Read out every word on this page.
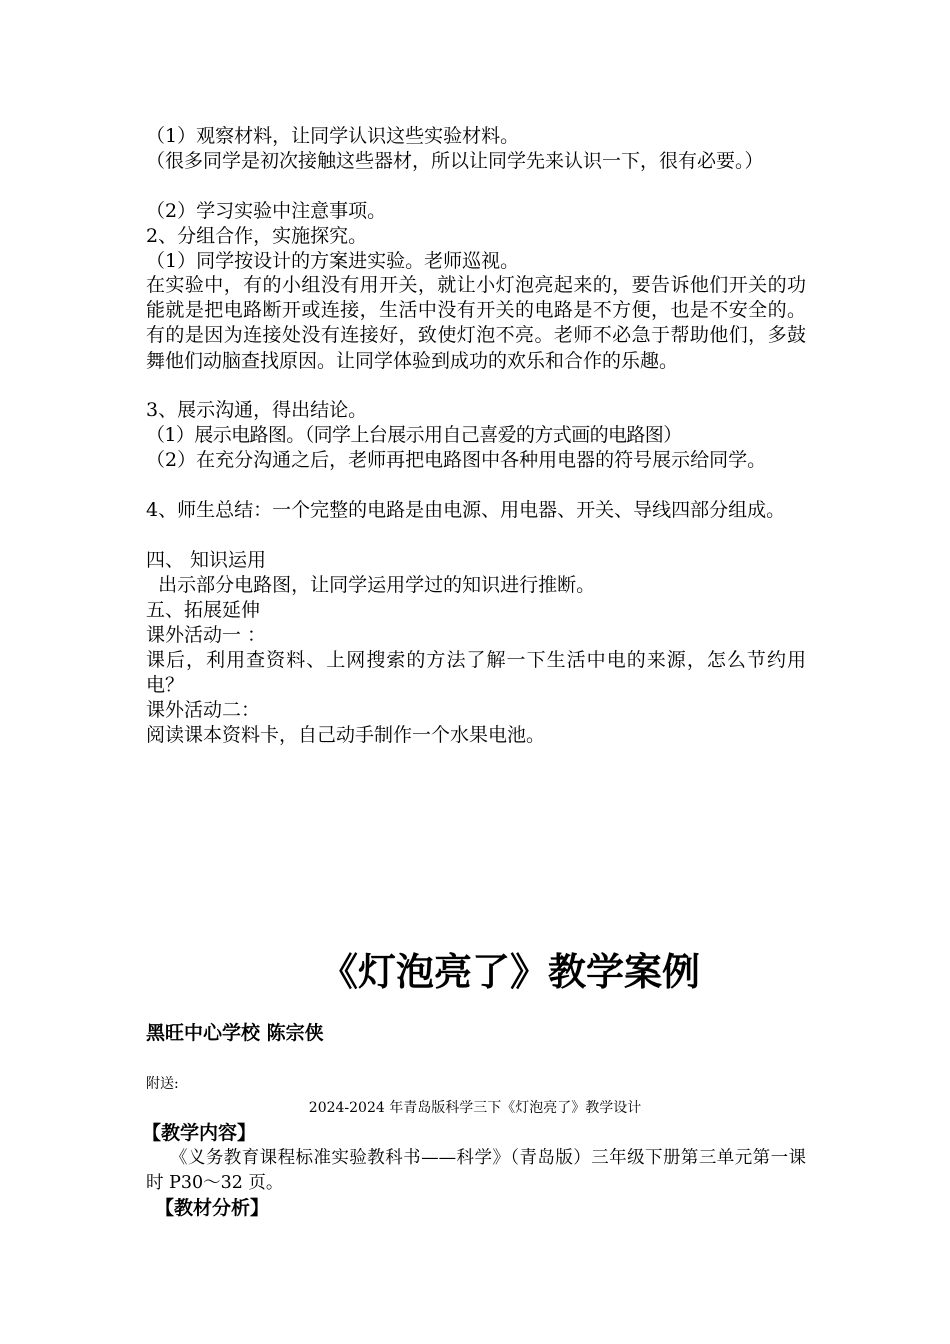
（1）观察材料，让同学认识这些实验材料。

（很多同学是初次接触这些器材，所以让同学先来认识一下，很有必要。）

（2）学习实验中注意事项。

2、分组合作，实施探究。

（1）同学按设计的方案进实验。老师巡视。

在实验中，有的小组没有用开关，就让小灯泡亮起来的，要告诉他们开关的功能就是把电路断开或连接，生活中没有开关的电路是不方便，也是不安全的。有的是因为连接处没有连接好，致使灯泡不亮。老师不必急于帮助他们，多鼓舞他们动脑查找原因。让同学体验到成功的欢乐和合作的乐趣。

3、展示沟通，得出结论。

（1）展示电路图。（同学上台展示用自己喜爱的方式画的电路图）

（2）在充分沟通之后，老师再把电路图中各种用电器的符号展示给同学。

4、师生总结：一个完整的电路是由电源、用电器、开关、导线四部分组成。

四、 知识运用

出示部分电路图，让同学运用学过的知识进行推断。

五、拓展延伸

课外活动一 ：

课后，利用查资料、上网搜索的方法了解一下生活中电的来源，怎么节约用电？

课外活动二：

阅读课本资料卡，自己动手制作一个水果电池。

《灯泡亮了》教学案例
黑旺中心学校 陈宗侠
附送:
2024-2024 年青岛版科学三下《灯泡亮了》教学设计
【教学内容】

《义务教育课程标准实验教科书——科学》（青岛版）三年级下册第三单元第一课时 P30～32 页。

【教材分析】
